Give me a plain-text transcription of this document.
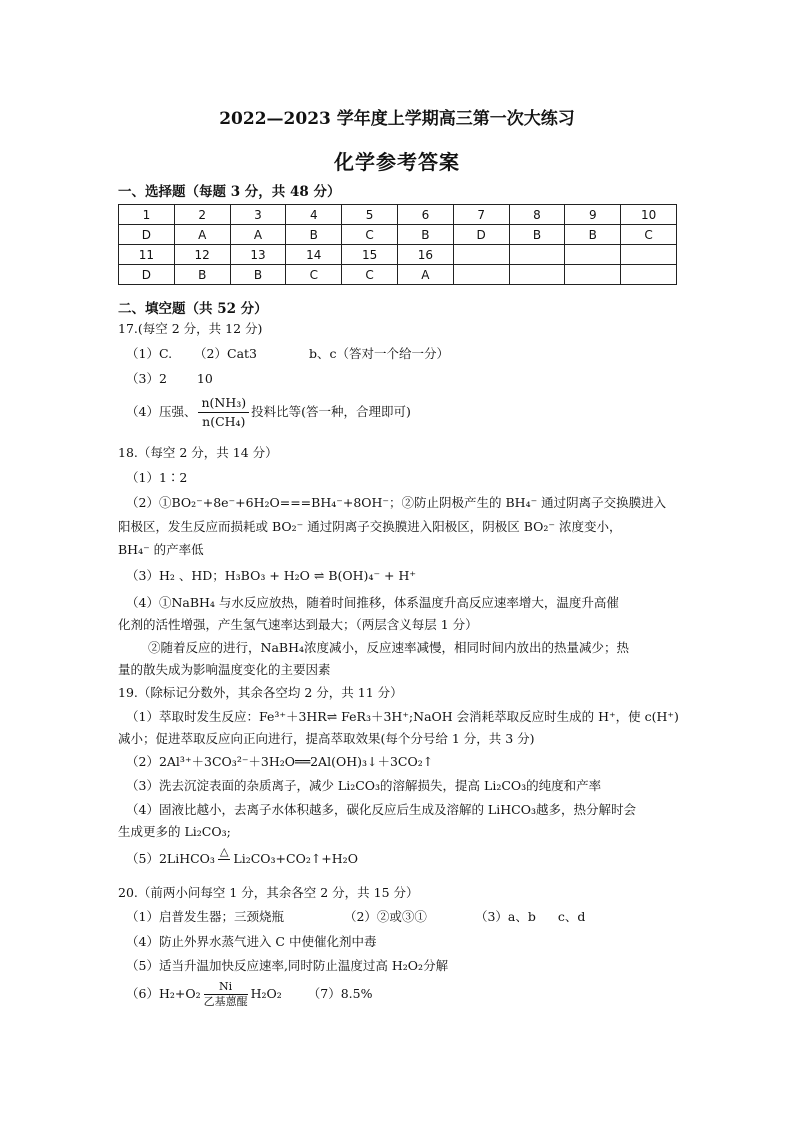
2022—2023 学年度上学期高三第一次大练习
化学参考答案
一、选择题（每题 3 分，共 48 分）
1	2	3	4	5	6	7	8	9	10
D	A	A	B	C	B	D	B	B	C
11	12	13	14	15	16				
D	B	B	C	C	A				
二、填空题（共 52 分）
17.(每空 2 分，共 12 分)
（1）C. （2）Cat3	b、c（答对一个给一分）
（3）2 10
（4）压强、 $\frac{\text{n(NH₃)}}{\text{n(CH₄)}}$ 投料比等(答一种，合理即可)
18.（每空 2 分，共 14 分）
（1）1∶2
（2）①BO₂⁻+8e⁻+6H₂O===BH₄⁻+8OH⁻；②防止阴极产生的 BH₄⁻ 通过阴离子交换膜进入
阳极区，发生反应而损耗或 BO₂⁻ 通过阴离子交换膜进入阳极区，阴极区 BO₂⁻ 浓度变小，
BH₄⁻ 的产率低
（3）H₂ 、HD；H₃BO₃ + H₂O ⇌ B(OH)₄⁻ + H⁺
（4）①NaBH₄ 与水反应放热，随着时间推移，体系温度升高反应速率增大，温度升高催
化剂的活性增强，产生氢气速率达到最大；（两层含义每层 1 分）
②随着反应的进行，NaBH₄浓度减小，反应速率减慢，相同时间内放出的热量减少；热
量的散失成为影响温度变化的主要因素
19.（除标记分数外，其余各空均 2 分，共 11 分）
（1）萃取时发生反应：Fe³⁺＋3HR⇌ FeR₃＋3H⁺;NaOH 会消耗萃取反应时生成的 H⁺，使 c(H⁺)
减小；促进萃取反应向正向进行，提高萃取效果(每个分号给 1 分，共 3 分)
（2）2Al³⁺＋3CO₃²⁻＋3H₂O══2Al(OH)₃↓＋3CO₂↑
（3）洗去沉淀表面的杂质离子，减少 Li₂CO₃的溶解损失，提高 Li₂CO₃的纯度和产率
（4）固液比越小，去离子水体积越多，碳化反应后生成及溶解的 LiHCO₃越多，热分解时会
生成更多的 Li₂CO₃;
（5）2LiHCO₃ △
Li₂CO₃+CO₂↑+H₂O
20.（前两小问每空 1 分，其余各空 2 分，共 15 分）
（1）启普发生器；三颈烧瓶	（2）②或③①	（3）a、b c、d
（4）防止外界水蒸气进入 C 中使催化剂中毒
（5）适当升温加快反应速率,同时防止温度过高 H₂O₂分解
（6）H₂+O₂	Ni
乙基蒽醌
H₂O₂ （7）8.5%
